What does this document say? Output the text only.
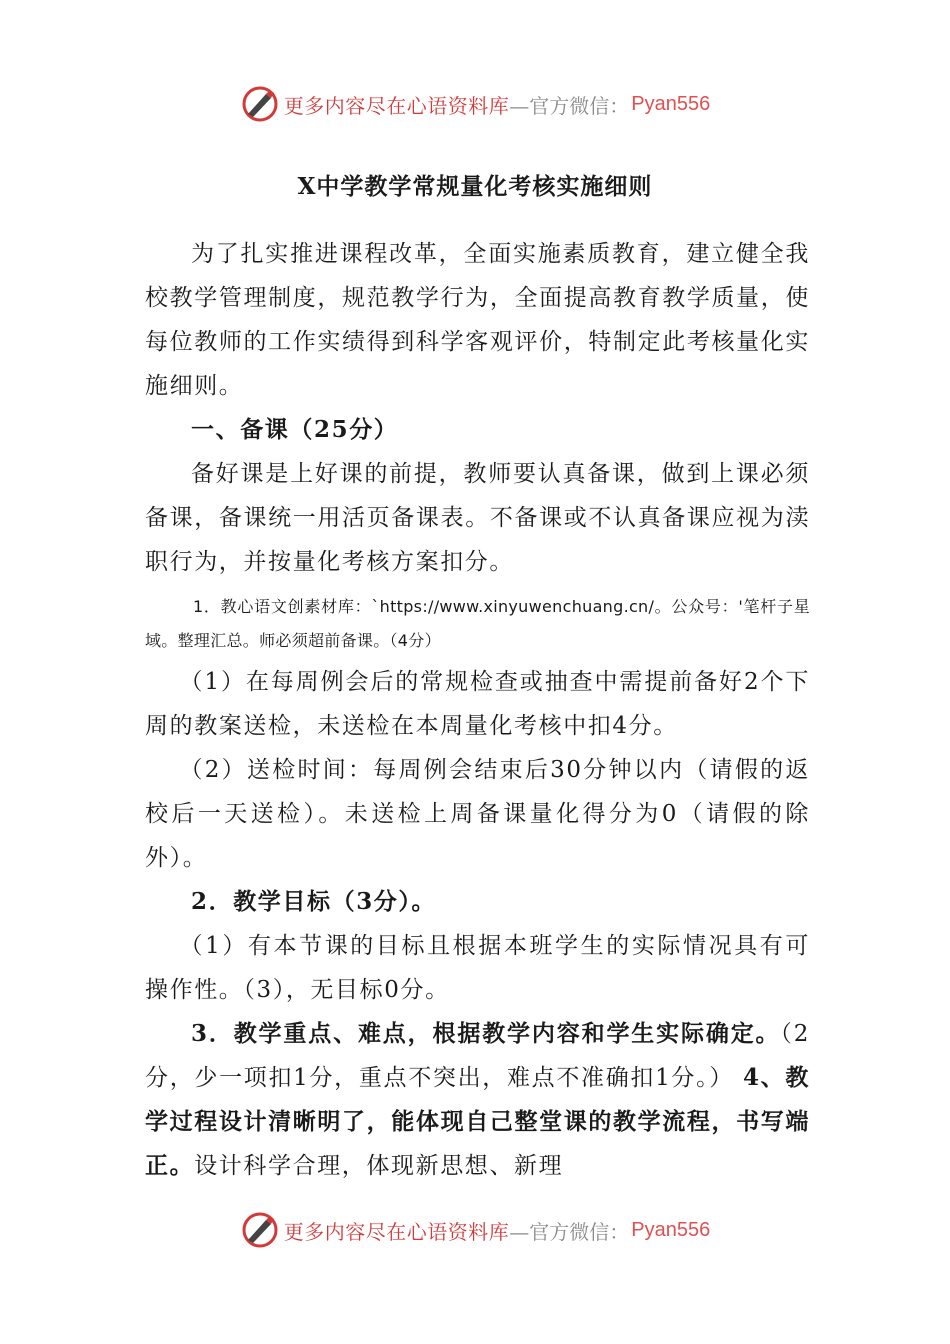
更多内容尽在心语资料库 —官方微信： Pyan556
X中学教学常规量化考核实施细则

为了扎实推进课程改革，全面实施素质教育，建立健全我校教学管理制度，规范教学行为，全面提高教育教学质量，使每位教师的工作实绩得到科学客观评价，特制定此考核量化实施细则。

一、备课（25分）

备好课是上好课的前提，教师要认真备课，做到上课必须备课，备课统一用活页备课表。不备课或不认真备课应视为渎职行为，并按量化考核方案扣分。

1．教心语文创素材库：`https://www.xinyuwenchuang.cn/。公众号：'笔杆子星域。整理汇总。师必须超前备课。（4分）

（1）在每周例会后的常规检查或抽查中需提前备好2个下周的教案送检，未送检在本周量化考核中扣4分。

（2）送检时间：每周例会结束后30分钟以内（请假的返校后一天送检）。未送检上周备课量化得分为0（请假的除外）。

2．教学目标（3分）。

（1）有本节课的目标且根据本班学生的实际情况具有可操作性。（3），无目标0分。

3．教学重点、难点，根据教学内容和学生实际确定。（2分，少一项扣1分，重点不突出，难点不准确扣1分。） 4、教学过程设计清晰明了，能体现自己整堂课的教学流程，书写端正。设计科学合理，体现新思想、新理

更多内容尽在心语资料库 —官方微信： Pyan556
